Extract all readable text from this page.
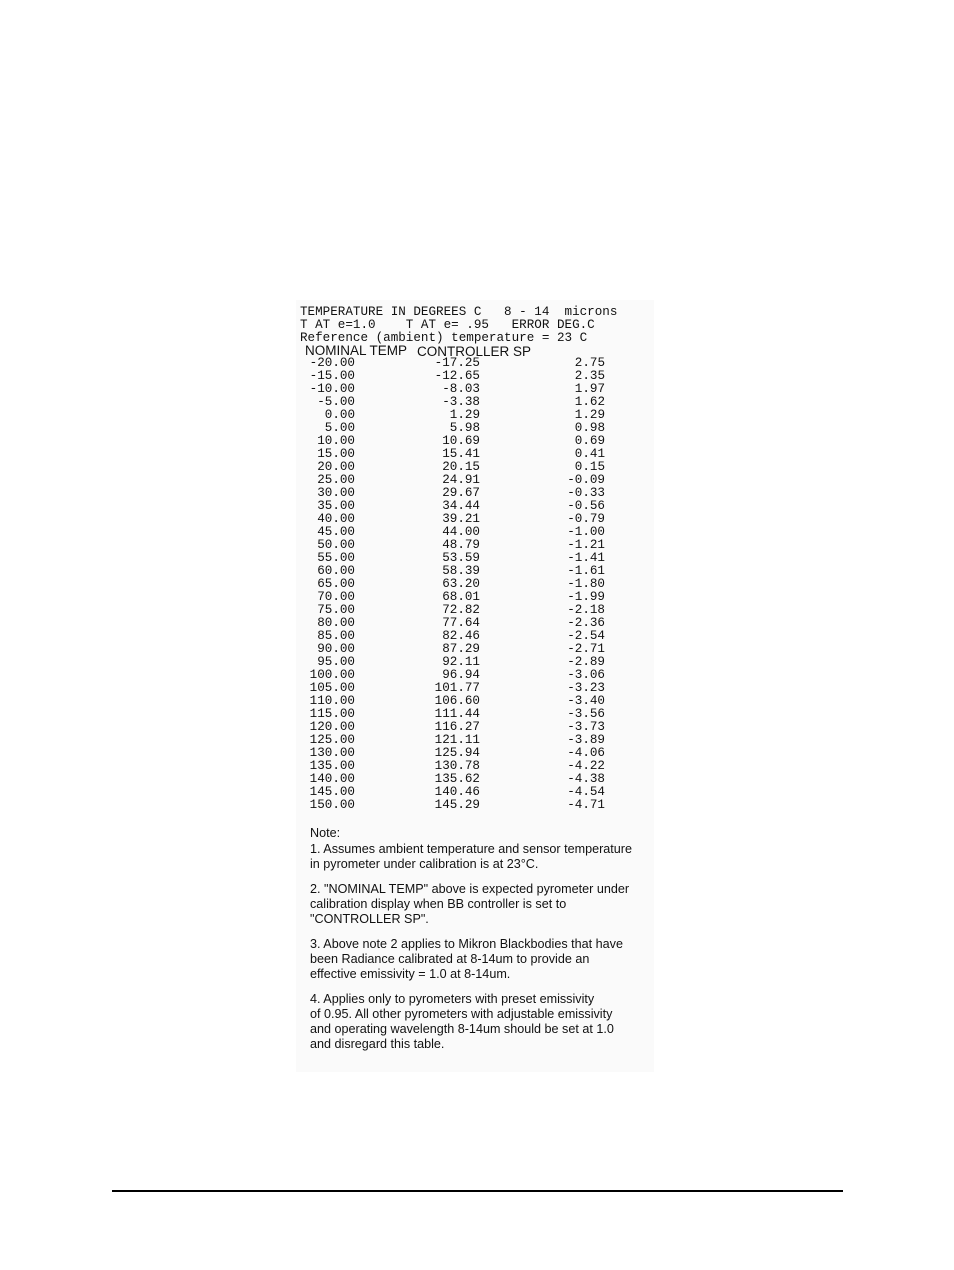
TEMPERATURE IN DEGREES C   8 - 14  microns
T AT e=1.0    T AT e= .95   ERROR DEG.C
Reference (ambient) temperature = 23 C
NOMINAL TEMP CONTROLLER SP
-20.00	-17.25	2.75
-15.00	-12.65	2.35
-10.00	-8.03	1.97
-5.00	-3.38	1.62
0.00	1.29	1.29
5.00	5.98	0.98
10.00	10.69	0.69
15.00	15.41	0.41
20.00	20.15	0.15
25.00	24.91	-0.09
30.00	29.67	-0.33
35.00	34.44	-0.56
40.00	39.21	-0.79
45.00	44.00	-1.00
50.00	48.79	-1.21
55.00	53.59	-1.41
60.00	58.39	-1.61
65.00	63.20	-1.80
70.00	68.01	-1.99
75.00	72.82	-2.18
80.00	77.64	-2.36
85.00	82.46	-2.54
90.00	87.29	-2.71
95.00	92.11	-2.89
100.00	96.94	-3.06
105.00	101.77	-3.23
110.00	106.60	-3.40
115.00	111.44	-3.56
120.00	116.27	-3.73
125.00	121.11	-3.89
130.00	125.94	-4.06
135.00	130.78	-4.22
140.00	135.62	-4.38
145.00	140.46	-4.54
150.00	145.29	-4.71
Note:
1. Assumes ambient temperature and sensor temperature
in pyrometer under calibration is at 23°C.
2. "NOMINAL TEMP" above is expected pyrometer under
calibration display when BB controller is set to
"CONTROLLER SP".
3. Above note 2 applies to Mikron Blackbodies that have
been Radiance calibrated at 8-14um to provide an
effective emissivity = 1.0 at 8-14um.
4. Applies only to pyrometers with preset emissivity
of 0.95. All other pyrometers with adjustable emissivity
and operating wavelength 8-14um should be set at 1.0
and disregard this table.
